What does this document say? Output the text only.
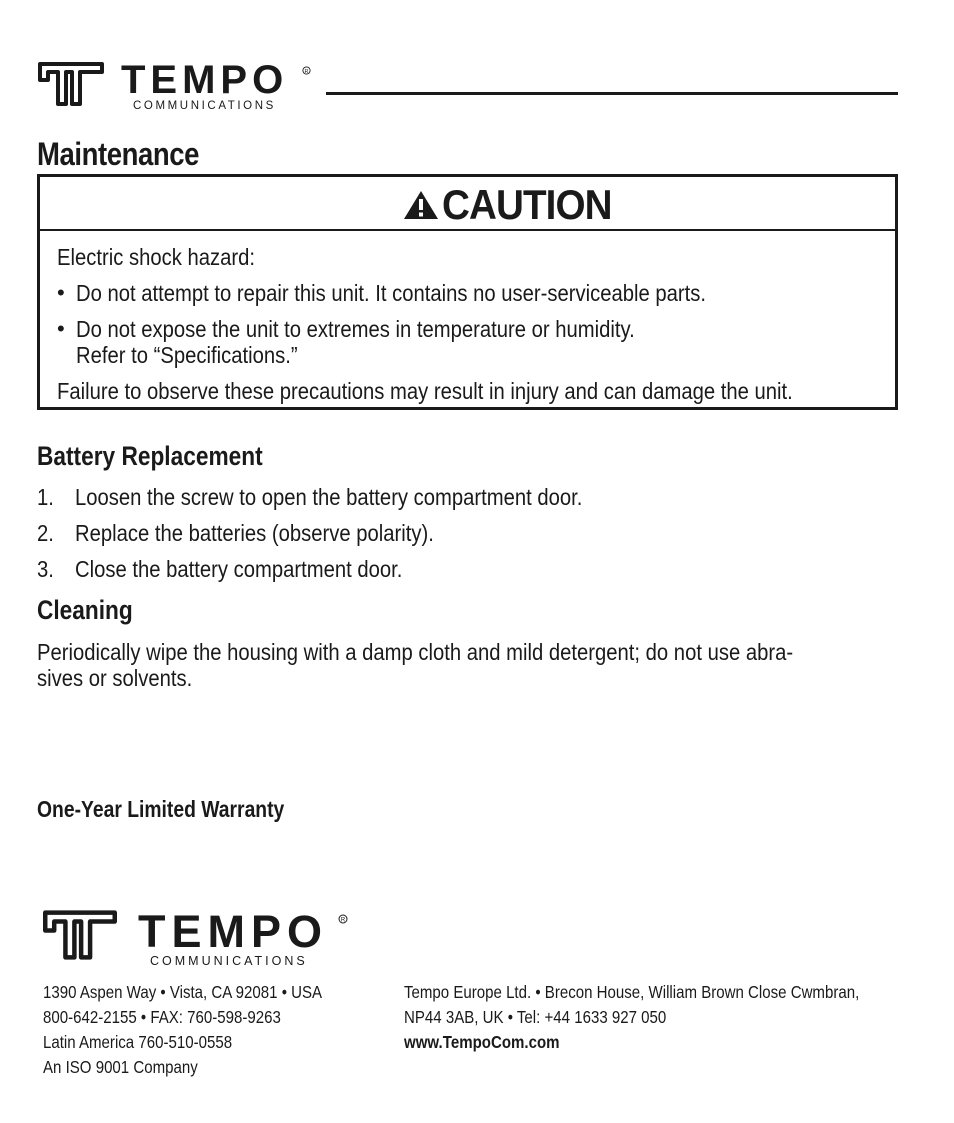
TEMPO
COMMUNICATIONS
R
Maintenance
CAUTION
Electric shock hazard:
• Do not attempt to repair this unit. It contains no user-serviceable parts.
• Do not expose the unit to extremes in temperature or humidity.
Refer to “Specifications.”
Failure to observe these precautions may result in injury and can damage the unit.
Battery Replacement
1. Loosen the screw to open the battery compartment door.
2. Replace the batteries (observe polarity).
3. Close the battery compartment door.
Cleaning
Periodically wipe the housing with a damp cloth and mild detergent; do not use abra-
sives or solvents.
One-Year Limited Warranty
TEMPO
COMMUNICATIONS
R
1390 Aspen Way • Vista, CA 92081 • USA
800-642-2155 • FAX: 760-598-9263
Latin America 760-510-0558
An ISO 9001 Company
Tempo Europe Ltd. • Brecon House, William Brown Close Cwmbran,
NP44 3AB, UK • Tel: +44 1633 927 050
www.TempoCom.com
